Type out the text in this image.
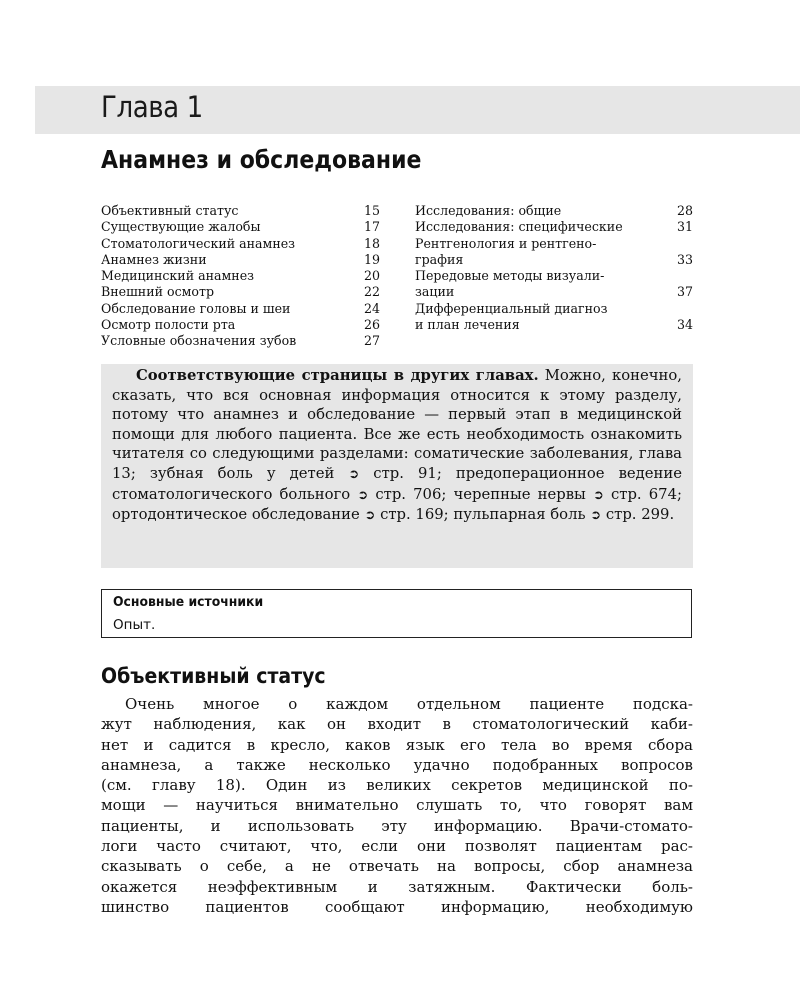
Глава 1
Анамнез и обследование
Объективный статус	15
Существующие жалобы	17
Стоматологический анамнез	18
Анамнез жизни	19
Медицинский анамнез	20
Внешний осмотр	22
Обследование головы и шеи	24
Осмотр полости рта	26
Условные обозначения зубов	27
Исследования: общие	28
Исследования: специфические	31
Рентгенология и рентгено-
графия	33
Передовые методы визуали-
зации	37
Дифференциальный диагноз
и план лечения	34
Соответствующие страницы в других главах. Можно, конечно, сказать, что вся основная информация относится к этому разделу, потому что анамнез и обследование — первый этап в медицинской помощи для любого пациента. Все же есть необходимость ознакомить читателя со следующими разделами: соматические заболевания, глава 13; зубная боль у детей ➲ стр. 91; предоперационное ведение стоматологического больного ➲ стр. 706; черепные нервы ➲ стр. 674; ортодонтическое обследование ➲ стр. 169; пульпарная боль ➲ стр. 299.
Основные источники
Опыт.
Объективный статус
Очень многое о каждом отдельном пациенте подска-
жут наблюдения, как он входит в стоматологический каби-
нет и садится в кресло, каков язык его тела во время сбора
анамнеза, а также несколько удачно подобранных вопросов
(см. главу 18). Один из великих секретов медицинской по-
мощи — научиться внимательно слушать то, что говорят вам
пациенты, и использовать эту информацию. Врачи-стомато-
логи часто считают, что, если они позволят пациентам рас-
сказывать о себе, а не отвечать на вопросы, сбор анамнеза
окажется неэффективным и затяжным. Фактически боль-
шинство пациентов сообщают информацию, необходимую
